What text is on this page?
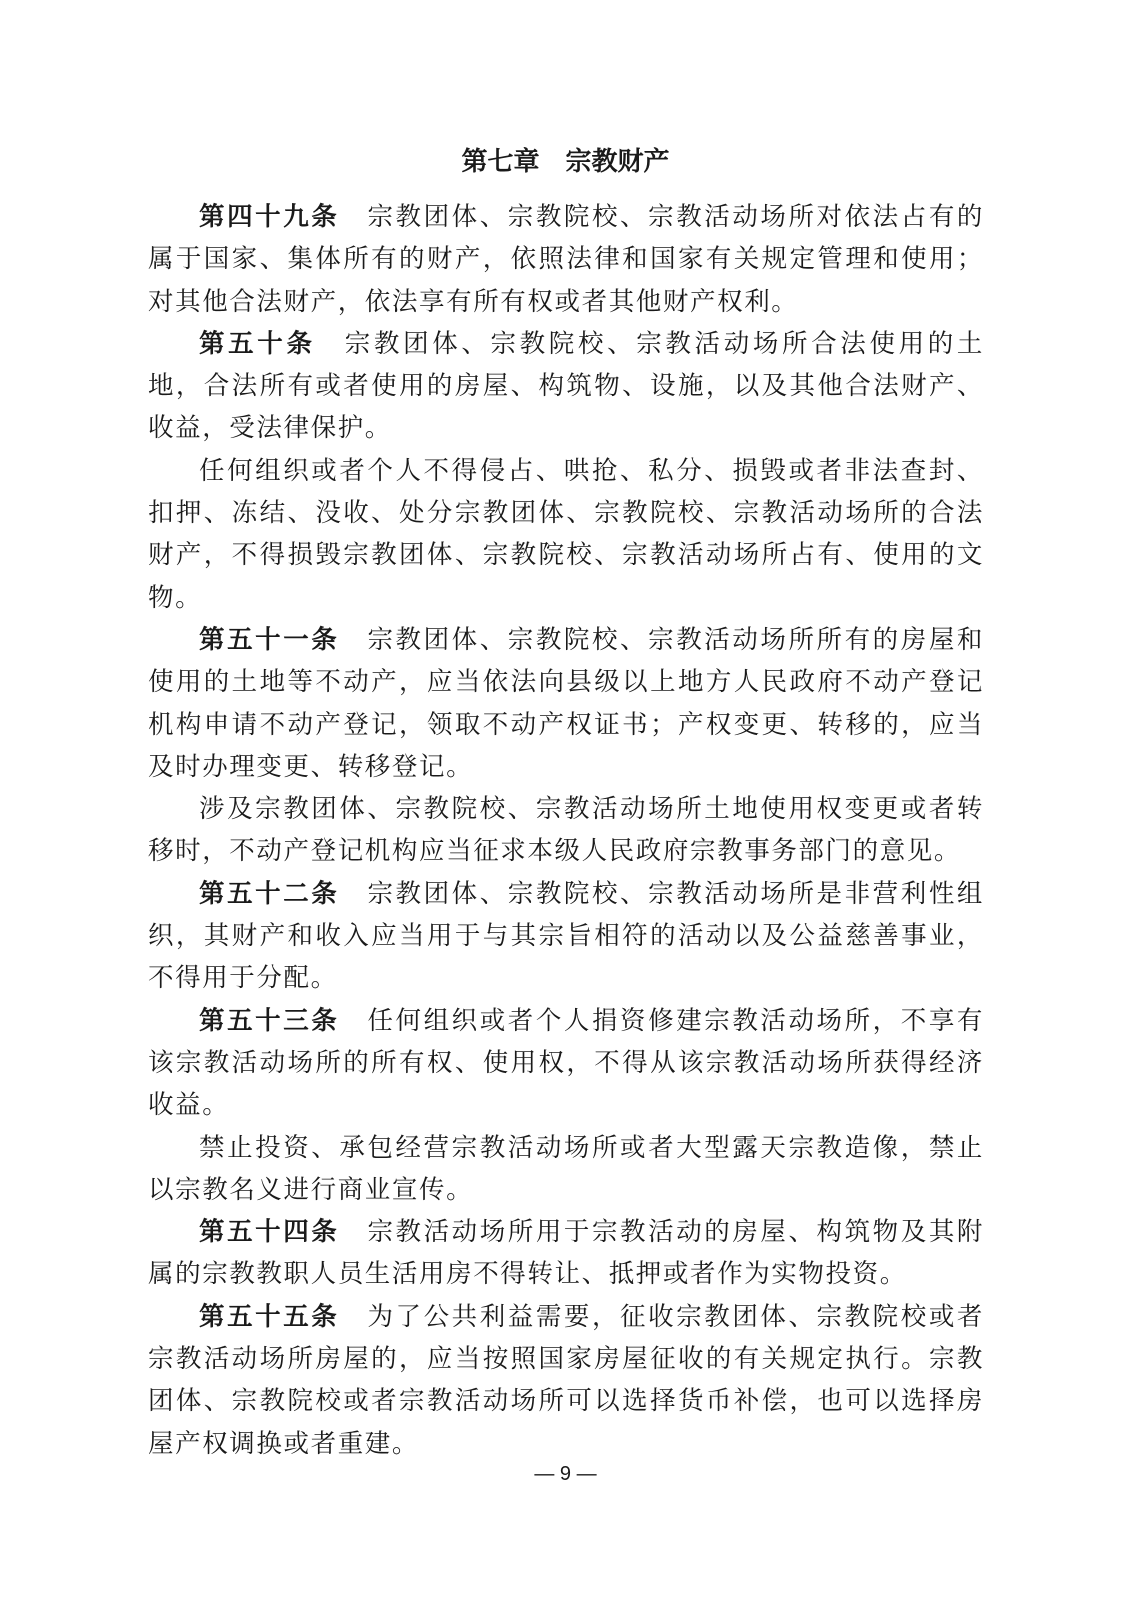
第七章　宗教财产

第四十九条　 宗教团体、宗教院校、宗教活动场所对依法占有的属于国家、集体所有的财产，依照法律和国家有关规定管理和使用；对其他合法财产，依法享有所有权或者其他财产权利。

第五十条　 宗教团体、宗教院校、宗教活动场所合法使用的土地，合法所有或者使用的房屋、构筑物、设施，以及其他合法财产、收益，受法律保护。

任何组织或者个人不得侵占、哄抢、私分、损毁或者非法查封、扣押、冻结、没收、处分宗教团体、宗教院校、宗教活动场所的合法财产，不得损毁宗教团体、宗教院校、宗教活动场所占有、使用的文物。

第五十一条　 宗教团体、宗教院校、宗教活动场所所有的房屋和使用的土地等不动产，应当依法向县级以上地方人民政府不动产登记机构申请不动产登记，领取不动产权证书；产权变更、转移的，应当及时办理变更、转移登记。

涉及宗教团体、宗教院校、宗教活动场所土地使用权变更或者转移时，不动产登记机构应当征求本级人民政府宗教事务部门的意见。

第五十二条　 宗教团体、宗教院校、宗教活动场所是非营利性组织，其财产和收入应当用于与其宗旨相符的活动以及公益慈善事业，不得用于分配。

第五十三条　 任何组织或者个人捐资修建宗教活动场所，不享有该宗教活动场所的所有权、使用权，不得从该宗教活动场所获得经济收益。

禁止投资、承包经营宗教活动场所或者大型露天宗教造像，禁止以宗教名义进行商业宣传。

第五十四条　 宗教活动场所用于宗教活动的房屋、构筑物及其附属的宗教教职人员生活用房不得转让、抵押或者作为实物投资。

第五十五条　 为了公共利益需要，征收宗教团体、宗教院校或者宗教活动场所房屋的，应当按照国家房屋征收的有关规定执行。宗教团体、宗教院校或者宗教活动场所可以选择货币补偿，也可以选择房屋产权调换或者重建。

— 9 —
